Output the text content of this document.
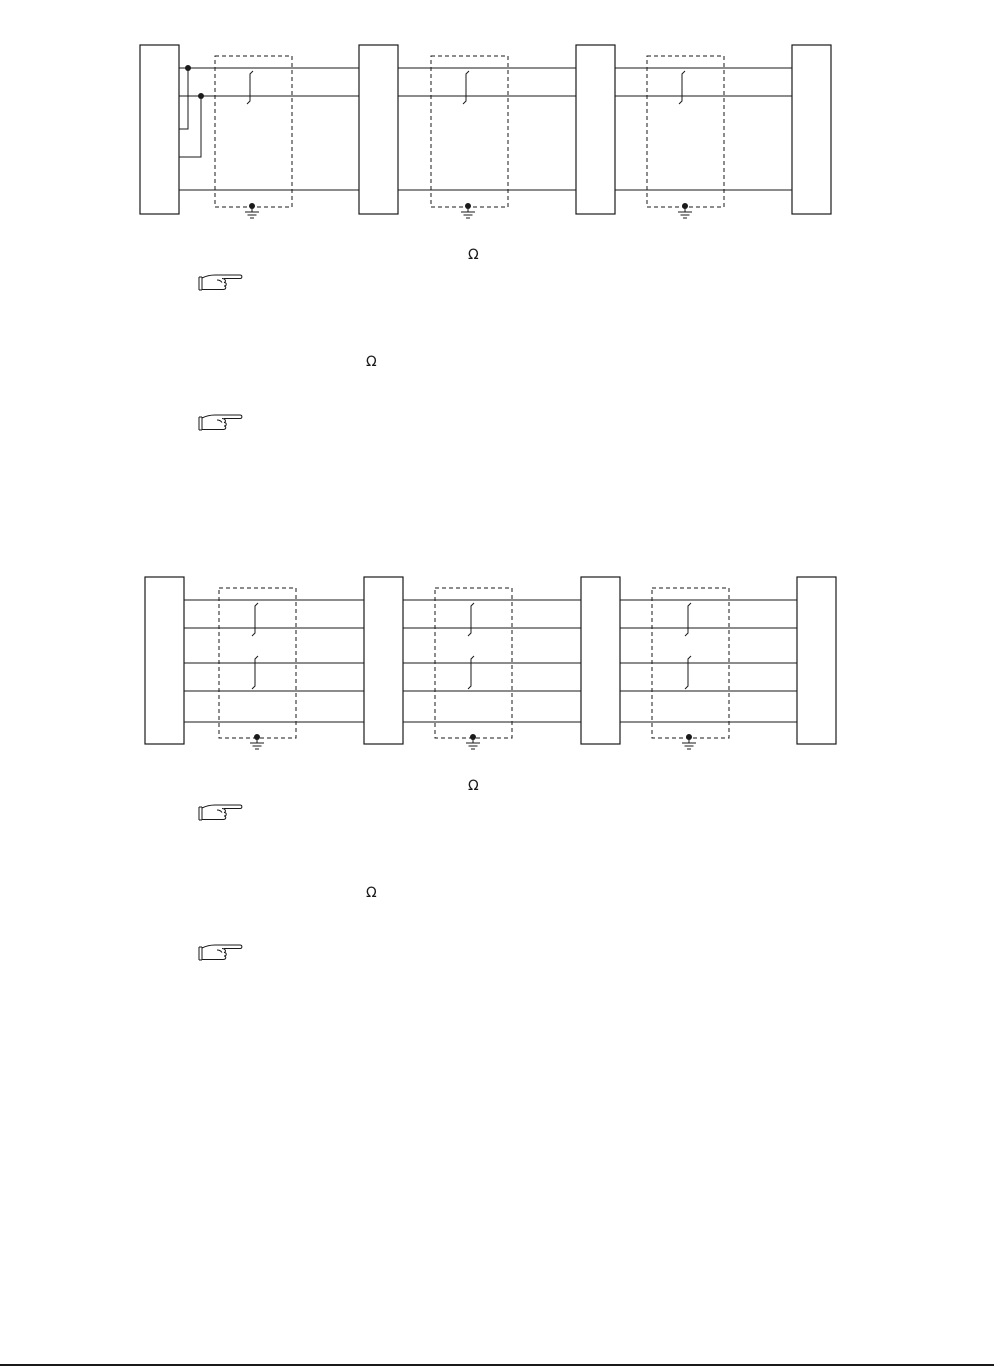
Ω
Ω
Ω
Ω
